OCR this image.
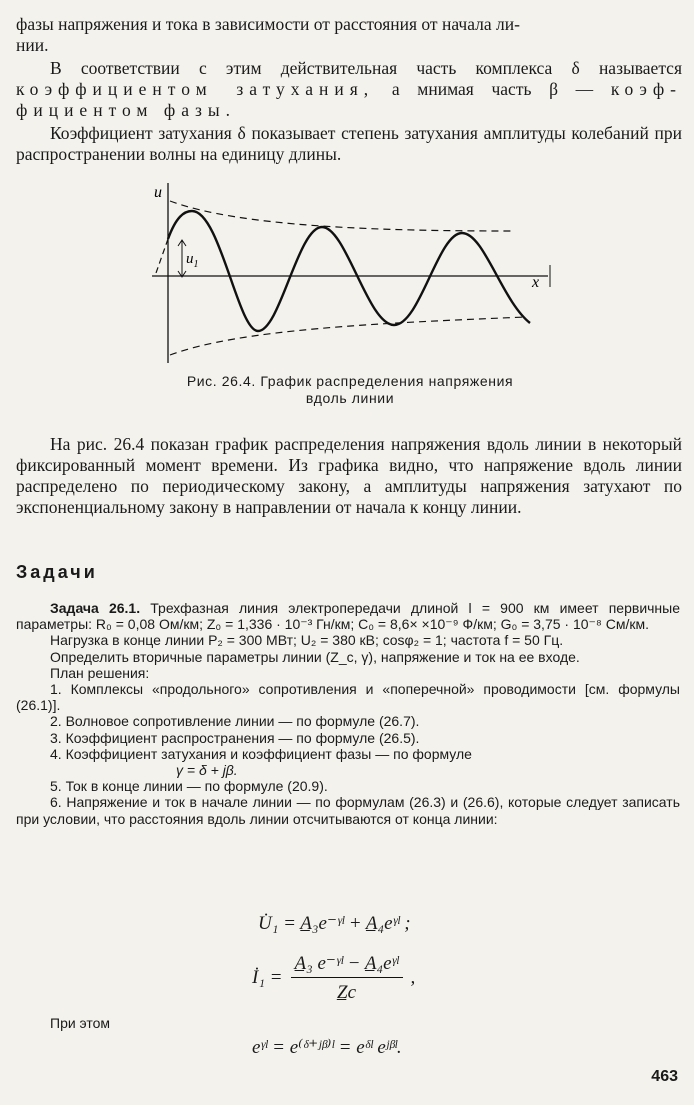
фазы напряжения и тока в зависимости от расстояния от начала ли-
нии.

В соответствии с этим действительная часть комплекса δ называется коэффициентом затухания, а мнимая часть β — коэф- фициентом фазы.

Коэффициент затухания δ показывает степень затухания амплитуды колебаний при распространении волны на единицу длины.

u
x
$u_1$
Рис. 26.4. График распределения напряжения
вдоль линии

На рис. 26.4 показан график распределения напряжения вдоль линии в некоторый фиксированный момент времени. Из графика видно, что напряжение вдоль линии распределено по периодическому закону, а амплитуды напряжения затухают по экспоненциальному закону в направлении от начала к концу линии.

Задачи

Задача 26.1. Трехфазная линия электропередачи длиной l = 900 км имеет первичные параметры: R₀ = 0,08 Ом/км; Z₀ = 1,336 · 10⁻³ Гн/км; C₀ = 8,6× ×10⁻⁹ Ф/км; G₀ = 3,75 · 10⁻⁸ См/км.

Нагрузка в конце линии P₂ = 300 МВт; U₂ = 380 кВ; cosφ₂ = 1; частота f = 50 Гц.

Определить вторичные параметры линии (Z_c, γ), напряжение и ток на ее входе.

План решения:

1. Комплексы «продольного» сопротивления и «поперечной» проводимости [см. формулы (26.1)].

2. Волновое сопротивление линии — по формуле (26.7).

3. Коэффициент распространения — по формуле (26.5).

4. Коэффициент затухания и коэффициент фазы — по формуле

γ = δ + jβ.

5. Ток в конце линии — по формуле (20.9).

6. Напряжение и ток в начале линии — по формулам (26.3) и (26.6), которые следует записать при условии, что расстояния вдоль линии отсчитываются от конца линии:

U̇₁ = A̲₃e⁻ᵞˡ + A̲₄eᵞˡ ;
İ₁ =
A̲₃ e⁻ᵞˡ − A̲₄eᵞˡ
Z̲c
,
При этом
eᵞˡ = e⁽ᵟ⁺ʲᵝ⁾ˡ = eᵟˡ eʲᵝˡ.
463
